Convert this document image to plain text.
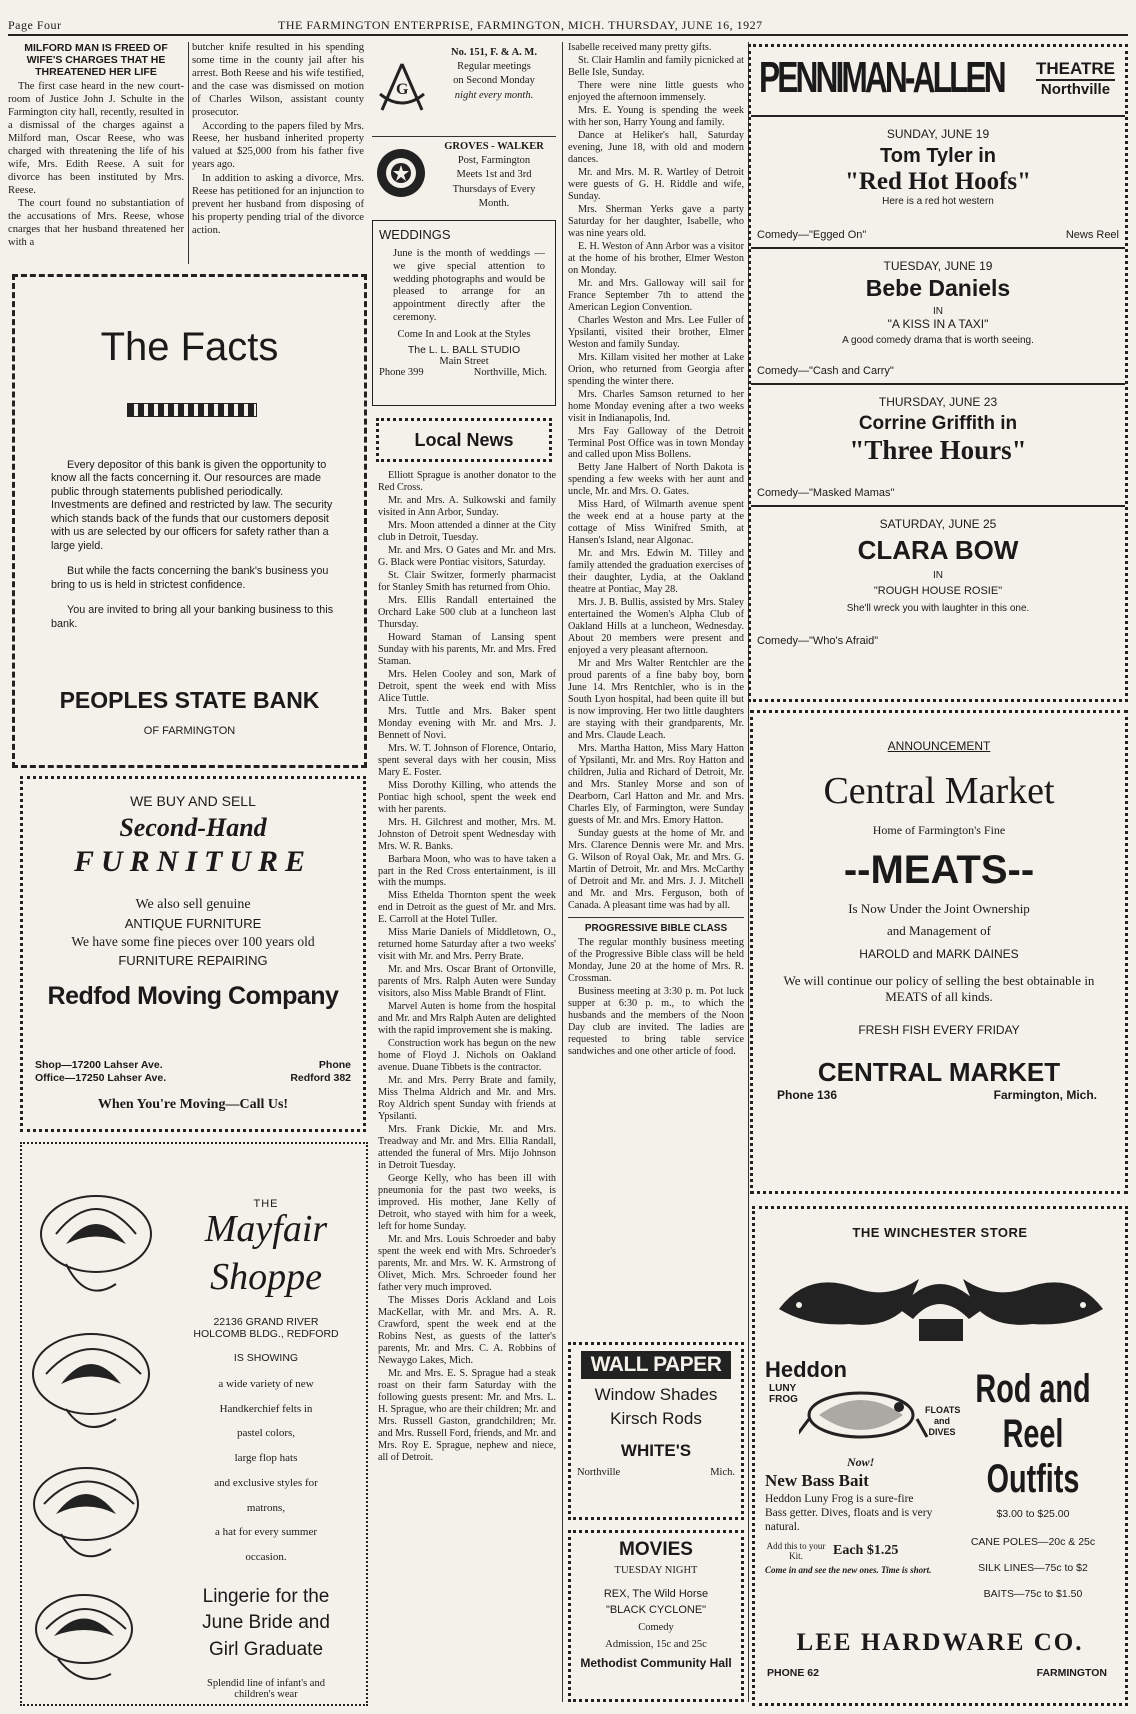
Page Four	THE FARMINGTON ENTERPRISE, FARMINGTON, MICH. THURSDAY, JUNE 16, 1927
MILFORD MAN IS FREED OF WIFE'S CHARGES THAT HE THREATENED HER LIFE

The first case heard in the new court-room of Justice John J. Schulte in the Farmington city hall, recently, resulted in a dismissal of the charges against a Milford man, Oscar Reese, who was charged with threatening the life of his wife, Mrs. Edith Reese. A suit for divorce has been instituted by Mrs. Reese.

The court found no substantiation of the accusations of Mrs. Reese, whose cnarges that her husband threatened her with a

butcher knife resulted in his spending some time in the county jail after his arrest. Both Reese and his wife testified, and the case was dismissed on motion of Charles Wilson, assistant county prosecutor.

According to the papers filed by Mrs. Reese, her husband inherited property valued at $25,000 from his father five years ago.

In addition to asking a divorce, Mrs. Reese has petitioned for an injunction to prevent her husband from disposing of his property pending trial of the divorce action.

The Facts

Every depositor of this bank is given the opportunity to know all the facts concerning it. Our resources are made public through statements published periodically. Investments are defined and restricted by law. The security which stands back of the funds that our customers deposit with us are selected by our officers for safety rather than a large yield.

But while the facts concerning the bank's business you bring to us is held in strictest confidence.

You are invited to bring all your banking business to this bank.

PEOPLES STATE BANK
OF FARMINGTON
WE BUY AND SELL
Second-Hand
FURNITURE
We also sell genuine
ANTIQUE FURNITURE
We have some fine pieces over 100 years old
FURNITURE REPAIRING
Redfod Moving Company
Shop—17200 Lahser Ave.
Office—17250 Lahser Ave.
Phone
Redford 382
When You're Moving—Call Us!
THE
Mayfair
Shoppe
22136 GRAND RIVER
HOLCOMB BLDG., REDFORD
IS SHOWING
a wide variety of new
Handkerchief felts in
pastel colors,
large flop hats
and exclusive styles for
matrons,
a hat for every summer
occasion.
Lingerie for the
June Bride and
Girl Graduate
Splendid line of infant's and children's wear
G
No. 151, F. & A. M.
Regular meetings
on Second Monday
night every month.
GROVES - WALKER
Post, Farmington
Meets 1st and 3rd
Thursdays of Every
Month.
WEDDINGS
June is the month of weddings — we give special attention to wedding photographs and would be pleased to arrange for an appointment directly after the ceremony.
Come In and Look at the Styles
The L. L. BALL STUDIO
Main Street
Phone 399	Northville, Mich.
Local News

Elliott Sprague is another donator to the Red Cross.

Mr. and Mrs. A. Sulkowski and family visited in Ann Arbor, Sunday.

Mrs. Moon attended a dinner at the City club in Detroit, Tuesday.

Mr. and Mrs. O Gates and Mr. and Mrs. G. Black were Pontiac visitors, Saturday.

St. Clair Switzer, formerly pharmacist for Stanley Smith has returned from Ohio.

Mrs. Ellis Randall entertained the Orchard Lake 500 club at a luncheon last Thursday.

Howard Staman of Lansing spent Sunday with his parents, Mr. and Mrs. Fred Staman.

Mrs. Helen Cooley and son, Mark of Detroit, spent the week end with Miss Alice Tuttle.

Mrs. Tuttle and Mrs. Baker spent Monday evening with Mr. and Mrs. J. Bennett of Novi.

Mrs. W. T. Johnson of Florence, Ontario, spent several days with her cousin, Miss Mary E. Foster.

Miss Dorothy Killing, who attends the Pontiac high school, spent the week end with her parents.

Mrs. H. Gilchrest and mother, Mrs. M. Johnston of Detroit spent Wednesday with Mrs. W. R. Banks.

Barbara Moon, who was to have taken a part in the Red Cross entertainment, is ill with the mumps.

Miss Ethelda Thornton spent the week end in Detroit as the guest of Mr. and Mrs. E. Carroll at the Hotel Tuller.

Miss Marie Daniels of Middletown, O., returned home Saturday after a two weeks' visit with Mr. and Mrs. Perry Brate.

Mr. and Mrs. Oscar Brant of Ortonville, parents of Mrs. Ralph Auten were Sunday visitors, also Miss Mable Brandt of Flint.

Marvel Auten is home from the hospital and Mr. and Mrs Ralph Auten are delighted with the rapid improvement she is making.

Construction work has begun on the new home of Floyd J. Nichols on Oakland avenue. Duane Tibbets is the contractor.

Mr. and Mrs. Perry Brate and family, Miss Thelma Aldrich and Mr. and Mrs. Roy Aldrich spent Sunday with friends at Ypsilanti.

Mrs. Frank Dickie, Mr. and Mrs. Treadway and Mr. and Mrs. Ellia Randall, attended the funeral of Mrs. Mijo Johnson in Detroit Tuesday.

George Kelly, who has been ill with pneumonia for the past two weeks, is improved. His mother, Jane Kelly of Detroit, who stayed with him for a week, left for home Sunday.

Mr. and Mrs. Louis Schroeder and baby spent the week end with Mrs. Schroeder's parents, Mr. and Mrs. W. K. Armstrong of Olivet, Mich. Mrs. Schroeder found her father very much improved.

The Misses Doris Ackland and Lois MacKellar, with Mr. and Mrs. A. R. Crawford, spent the week end at the Robins Nest, as guests of the latter's parents, Mr. and Mrs. C. A. Robbins of Newaygo Lakes, Mich.

Mr. and Mrs. E. S. Sprague had a steak roast on their farm Saturday with the following guests present: Mr. and Mrs. L. H. Sprague, who are their children; Mr. and Mrs. Russell Gaston, grandchildren; Mr. and Mrs. Russell Ford, friends, and Mr. and Mrs. Roy E. Sprague, nephew and niece, all of Detroit.

Isabelle received many pretty gifts.

St. Clair Hamlin and family picnicked at Belle Isle, Sunday.

There were nine little guests who enjoyed the afternoon immensely.

Mrs. E. Young is spending the week with her son, Harry Young and family.

Dance at Heliker's hall, Saturday evening, June 18, with old and modern dances.

Mr. and Mrs. M. R. Wartley of Detroit were guests of G. H. Riddle and wife, Sunday.

Mrs. Sherman Yerks gave a party Saturday for her daughter, Isabelle, who was nine years old.

E. H. Weston of Ann Arbor was a visitor at the home of his brother, Elmer Weston on Monday.

Mr. and Mrs. Galloway will sail for France September 7th to attend the American Legion Convention.

Charles Weston and Mrs. Lee Fuller of Ypsilanti, visited their brother, Elmer Weston and family Sunday.

Mrs. Killam visited her mother at Lake Orion, who returned from Georgia after spending the winter there.

Mrs. Charles Samson returned to her home Monday evening after a two weeks visit in Indianapolis, Ind.

Mrs Fay Galloway of the Detroit Terminal Post Office was in town Monday and called upon Miss Bollens.

Betty Jane Halbert of North Dakota is spending a few weeks with her aunt and uncle, Mr. and Mrs. O. Gates.

Miss Hard, of Wilmarth avenue spent the week end at a house party at the cottage of Miss Winifred Smith, at Hansen's Island, near Algonac.

Mr. and Mrs. Edwin M. Tilley and family attended the graduation exercises of their daughter, Lydia, at the Oakland theatre at Pontiac, May 28.

Mrs. J. B. Bullis, assisted by Mrs. Staley entertained the Women's Alpha Club of Oakland Hills at a luncheon, Wednesday. About 20 members were present and enjoyed a very pleasant afternoon.

Mr and Mrs Walter Rentchler are the proud parents of a fine baby boy, born June 14. Mrs Rentchler, who is in the South Lyon hospital, had been quite ill but is now improving. Her two little daughters are staying with their grandparents, Mr. and Mrs. Claude Leach.

Mrs. Martha Hatton, Miss Mary Hatton of Ypsilanti, Mr. and Mrs. Roy Hatton and children, Julia and Richard of Detroit, Mr. and Mrs. Stanley Morse and son of Dearborn, Carl Hatton and Mr. and Mrs. Charles Ely, of Farmington, were Sunday guests of Mr. and Mrs. Emory Hatton.

Sunday guests at the home of Mr. and Mrs. Clarence Dennis were Mr. and Mrs. G. Wilson of Royal Oak, Mr. and Mrs. G. Martin of Detroit, Mr. and Mrs. McCarthy of Detroit and Mr. and Mrs. J. J. Mitchell and Mr. and Mrs. Ferguson, both of Canada. A pleasant time was had by all.

PROGRESSIVE BIBLE CLASS

The regular monthly business meeting of the Progressive Bible class will be held Monday, June 20 at the home of Mrs. R. Crossman.

Business meeting at 3:30 p. m. Pot luck supper at 6:30 p. m., to which the husbands and the members of the Noon Day club are invited. The ladies are requested to bring table service sandwiches and one other article of food.

WALL PAPER
Window Shades
Kirsch Rods
WHITE'S
Northville	Mich.
MOVIES
TUESDAY NIGHT
REX, The Wild Horse
"BLACK CYCLONE"
Comedy
Admission, 15c and 25c
Methodist Community Hall
PENNIMAN-ALLEN THEATRE
Northville
SUNDAY, JUNE 19
Tom Tyler in
"Red Hot Hoofs"
Here is a red hot western
Comedy—"Egged On"	News Reel
TUESDAY, JUNE 19
Bebe Daniels
IN
"A KISS IN A TAXI"
A good comedy drama that is worth seeing.
Comedy—"Cash and Carry"
THURSDAY, JUNE 23
Corrine Griffith in
"Three Hours"
Comedy—"Masked Mamas"
SATURDAY, JUNE 25
CLARA BOW
IN
"ROUGH HOUSE ROSIE"
She'll wreck you with laughter in this one.
Comedy—"Who's Afraid"
ANNOUNCEMENT
Central Market
Home of Farmington's Fine
--MEATS--
Is Now Under the Joint Ownership
and Management of
HAROLD and MARK DAINES
We will continue our policy of selling the best obtainable in MEATS of all kinds.
FRESH FISH EVERY FRIDAY
CENTRAL MARKET
Phone 136	Farmington, Mich.
THE WINCHESTER STORE
Heddon
LUNY FROG
FLOATS and DIVES
Now!
New Bass Bait
Heddon Luny Frog is a sure-fire Bass getter. Dives, floats and is very natural.
Add this to your Kit.	Each $1.25
Come in and see the new ones. Time is short.
Rod and Reel Outfits
$3.00 to $25.00
CANE POLES—20c & 25c
SILK LINES—75c to $2
BAITS—75c to $1.50
LEE HARDWARE CO.
PHONE 62	FARMINGTON
